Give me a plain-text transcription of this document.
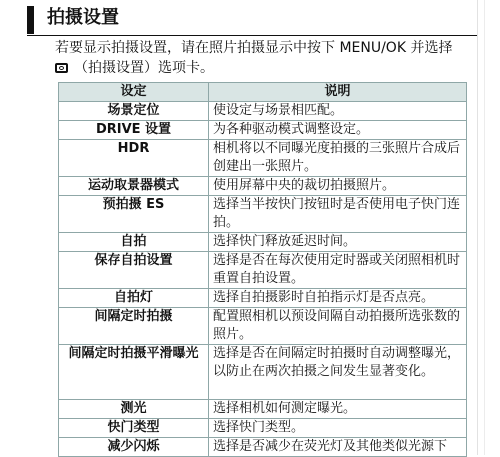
拍摄设置
若要显示拍摄设置，请在照片拍摄显示中按下 MENU/OK 并选择
（拍摄设置）选项卡。
设定	说明
场景定位	使设定与场景相匹配。
DRIVE 设置	为各种驱动模式调整设定。
HDR	相机将以不同曝光度拍摄的三张照片合成后创建出一张照片。
运动取景器模式	使用屏幕中央的裁切拍摄照片。
预拍摄 ES	选择当半按快门按钮时是否使用电子快门连拍。
自拍	选择快门释放延迟时间。
保存自拍设置	选择是否在每次使用定时器或关闭照相机时重置自拍设置。
自拍灯	选择自拍摄影时自拍指示灯是否点亮。
间隔定时拍摄	配置照相机以预设间隔自动拍摄所选张数的照片。
间隔定时拍摄平滑曝光	选择是否在间隔定时拍摄时自动调整曝光，以防止在两次拍摄之间发生显著变化。
测光	选择相机如何测定曝光。
快门类型	选择快门类型。
减少闪烁	选择是否减少在荧光灯及其他类似光源下
